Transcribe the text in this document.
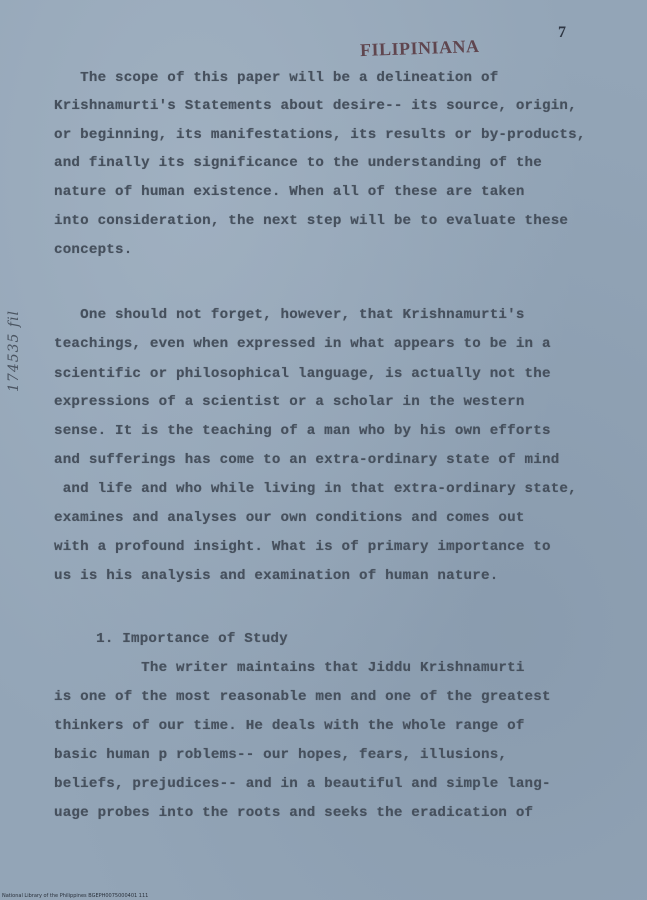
7
FILIPINIANA
174535 fil
The scope of this paper will be a delineation of
Krishnamurti's Statements about desire-- its source, origin,
or beginning, its manifestations, its results or by-products,
and finally its significance to the understanding of the
nature of human existence. When all of these are taken
into consideration, the next step will be to evaluate these
concepts.
One should not forget, however, that Krishnamurti's
teachings, even when expressed in what appears to be in a
scientific or philosophical language, is actually not the
expressions of a scientist or a scholar in the western
sense. It is the teaching of a man who by his own efforts
and sufferings has come to an extra-ordinary state of mind
and life and who while living in that extra-ordinary state,
examines and analyses our own conditions and comes out
with a profound insight. What is of primary importance to
us is his analysis and examination of human nature.
1. Importance of Study
The writer maintains that Jiddu Krishnamurti
is one of the most reasonable men and one of the greatest
thinkers of our time. He deals with the whole range of
basic human p roblems-- our hopes, fears, illusions,
beliefs, prejudices-- and in a beautiful and simple lang-
uage probes into the roots and seeks the eradication of
National Library of the Philippines BGEPH0075000401 111
